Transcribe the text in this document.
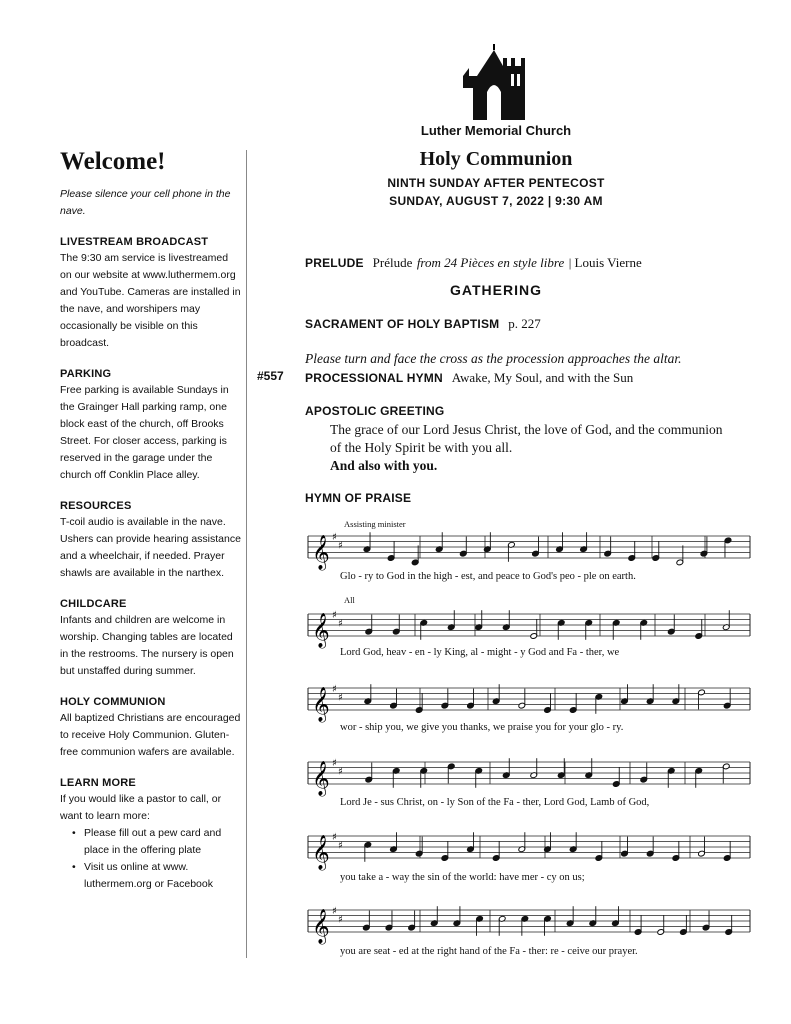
Luther Memorial Church
Holy Communion
NINTH SUNDAY AFTER PENTECOST
SUNDAY, AUGUST 7, 2022 | 9:30 AM
Welcome!
Please silence your cell phone in the nave.
LIVESTREAM BROADCAST
The 9:30 am service is livestreamed on our website at www.luthermem.org and YouTube. Cameras are installed in the nave, and worshipers may occasionally be visible on this broadcast.
PARKING
Free parking is available Sundays in the Grainger Hall parking ramp, one block east of the church, off Brooks Street. For closer access, parking is reserved in the garage under the church off Conklin Place alley.
RESOURCES
T-coil audio is available in the nave. Ushers can provide hearing assistance and a wheelchair, if needed. Prayer shawls are available in the narthex.
CHILDCARE
Infants and children are welcome in worship. Changing tables are located in the restrooms. The nursery is open but unstaffed during summer.
HOLY COMMUNION
All baptized Christians are encouraged to receive Holy Communion. Gluten-free communion wafers are available.
LEARN MORE
If you would like a pastor to call, or want to learn more:
• Please fill out a pew card and place in the offering plate
• Visit us online at www. luthermem.org or Facebook
PRELUDE Prélude from 24 Pièces en style libre | Louis Vierne
GATHERING
SACRAMENT OF HOLY BAPTISM p. 227
Please turn and face the cross as the procession approaches the altar.
#557 PROCESSIONAL HYMN Awake, My Soul, and with the Sun
APOSTOLIC GREETING
The grace of our Lord Jesus Christ, the love of God, and the communion of the Holy Spirit be with you all.
And also with you.
HYMN OF PRAISE
Assisting minister
All
𝄞 ♯
♯
Glo - ry to God in the high - est, and peace to God's peo - ple on earth.
𝄞 ♯
♯
Lord God, heav - en - ly King, al - might - y God and Fa - ther, we
𝄞 ♯
♯
wor - ship you, we give you thanks, we praise you for your glo - ry.
𝄞 ♯
♯
Lord Je - sus Christ, on - ly Son of the Fa - ther, Lord God, Lamb of God,
𝄞 ♯
♯
you take a - way the sin of the world: have mer - cy on us;
𝄞 ♯
♯
you are seat - ed at the right hand of the Fa - ther: re - ceive our prayer.
